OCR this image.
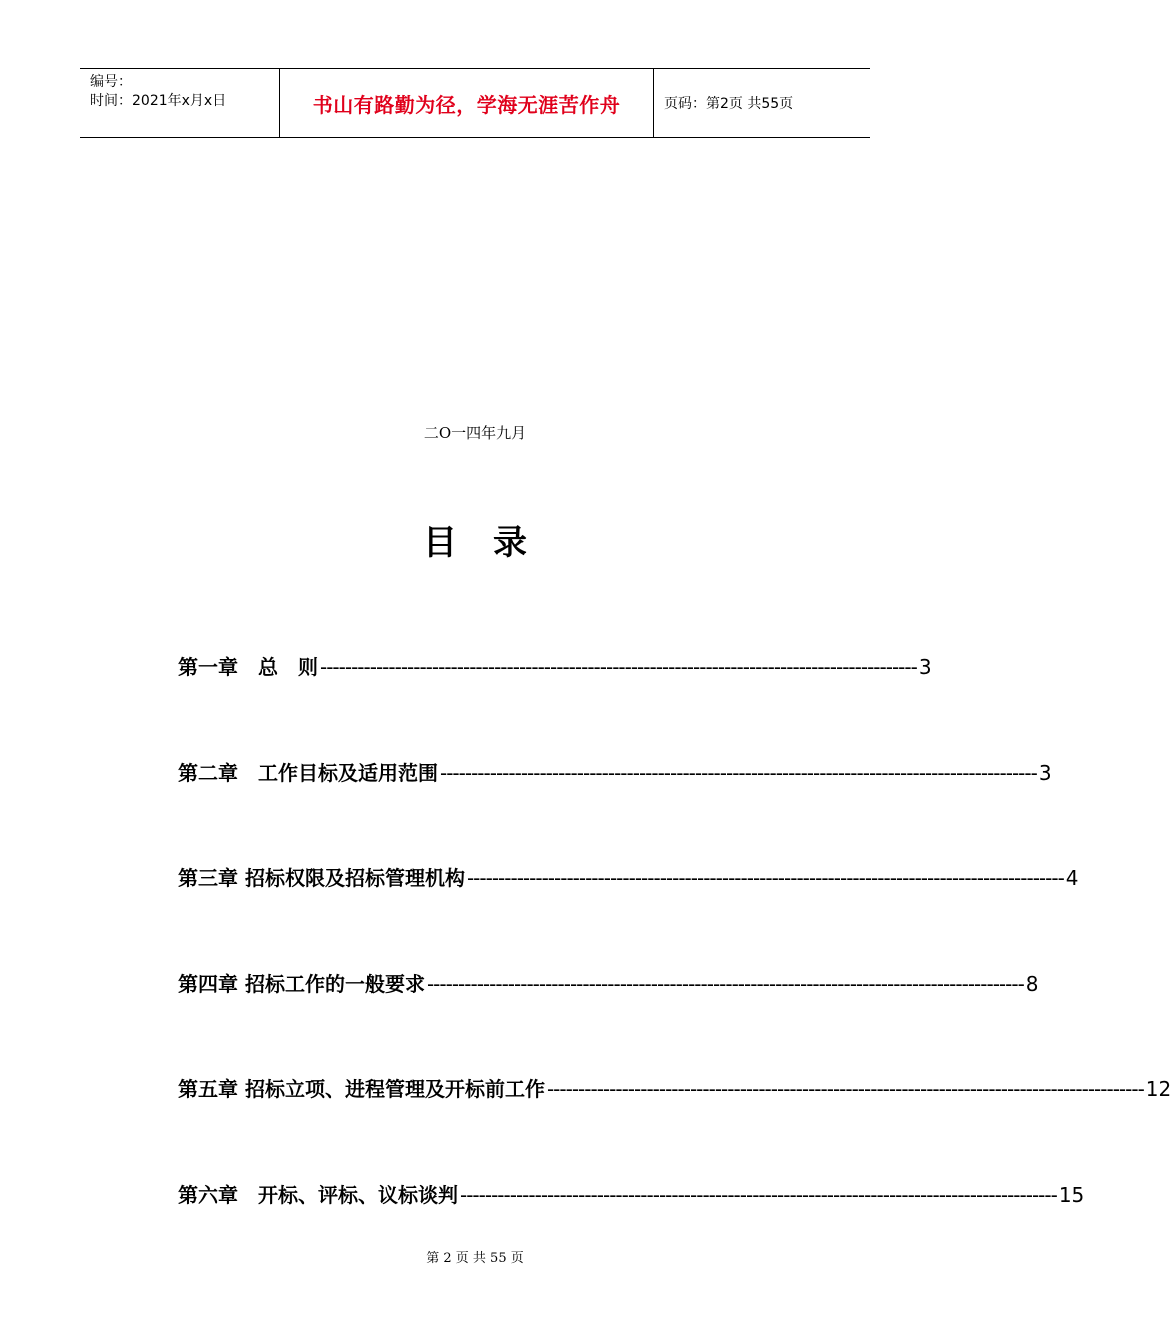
编号：
时间：2021年x月x日	书山有路勤为径，学海无涯苦作舟	页码：第2页 共55页
二O一四年九月
目录
第一章　总　则 ------------------------------------------------------------------------------------------------ 3
第二章　工作目标及适用范围 ------------------------------------------------------------------------------------------------ 3
第三章 招标权限及招标管理机构 ------------------------------------------------------------------------------------------------ 4
第四章 招标工作的一般要求 ------------------------------------------------------------------------------------------------ 8
第五章 招标立项、进程管理及开标前工作 ------------------------------------------------------------------------------------------------ 12
第六章　开标、评标、议标谈判 ------------------------------------------------------------------------------------------------ 15
第 2 页 共 55 页
